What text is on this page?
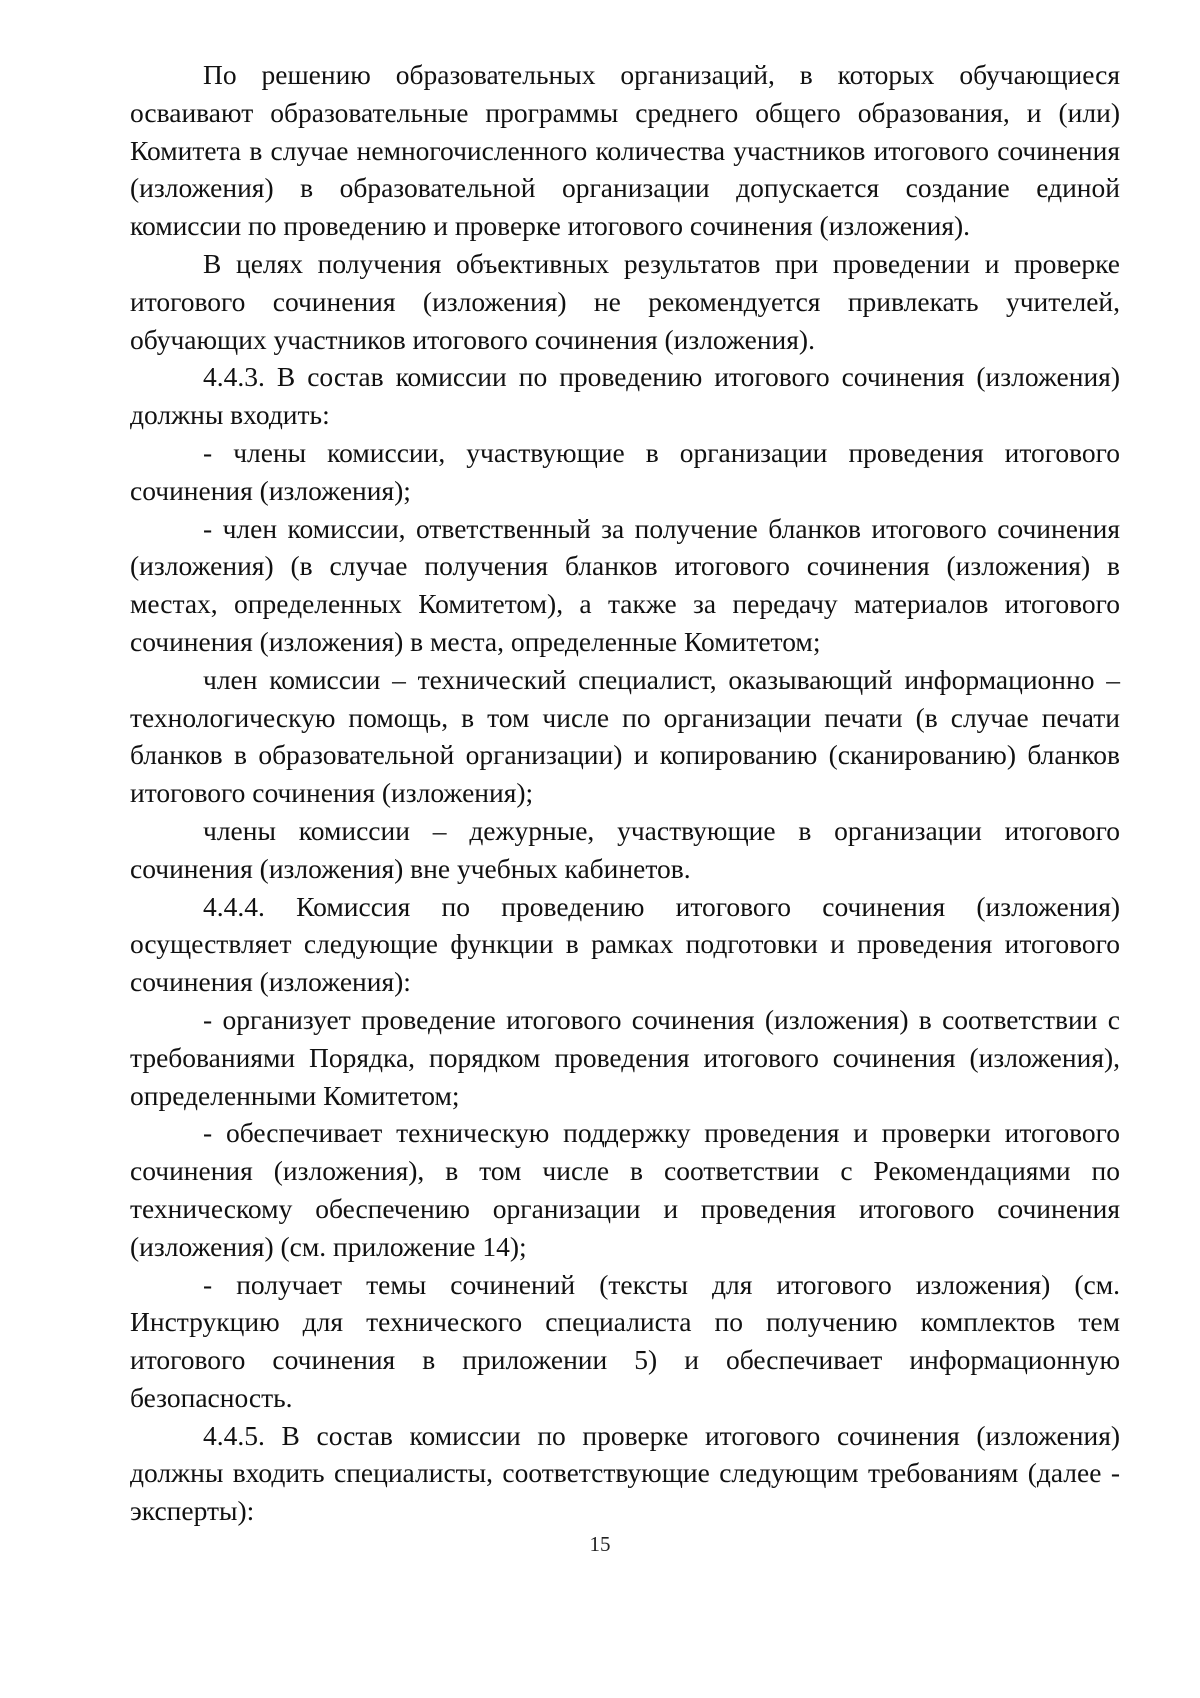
По решению образовательных организаций, в которых обучающиеся осваивают образовательные программы среднего общего образования, и (или) Комитета в случае немногочисленного количества участников итогового сочинения (изложения) в образовательной организации допускается создание единой комиссии по проведению и проверке итогового сочинения (изложения).

В целях получения объективных результатов при проведении и проверке итогового сочинения (изложения) не рекомендуется привлекать учителей, обучающих участников итогового сочинения (изложения).

4.4.3. В состав комиссии по проведению итогового сочинения (изложения) должны входить:

- члены комиссии, участвующие в организации проведения итогового сочинения (изложения);

- член комиссии, ответственный за получение бланков итогового сочинения (изложения) (в случае получения бланков итогового сочинения (изложения) в местах, определенных Комитетом), а также за передачу материалов итогового сочинения (изложения) в места, определенные Комитетом;

член комиссии – технический специалист, оказывающий информационно – технологическую помощь, в том числе по организации печати (в случае печати бланков в образовательной организации) и копированию (сканированию) бланков итогового сочинения (изложения);

члены комиссии – дежурные, участвующие в организации итогового сочинения (изложения) вне учебных кабинетов.

4.4.4. Комиссия по проведению итогового сочинения (изложения) осуществляет следующие функции в рамках подготовки и проведения итогового сочинения (изложения):

- организует проведение итогового сочинения (изложения) в соответствии с требованиями Порядка, порядком проведения итогового сочинения (изложения), определенными Комитетом;

- обеспечивает техническую поддержку проведения и проверки итогового сочинения (изложения), в том числе в соответствии с Рекомендациями по техническому обеспечению организации и проведения итогового сочинения (изложения) (см. приложение 14);

- получает темы сочинений (тексты для итогового изложения) (см. Инструкцию для технического специалиста по получению комплектов тем итогового сочинения в приложении 5) и обеспечивает информационную безопасность.

4.4.5. В состав комиссии по проверке итогового сочинения (изложения) должны входить специалисты, соответствующие следующим требованиям (далее - эксперты):

15
